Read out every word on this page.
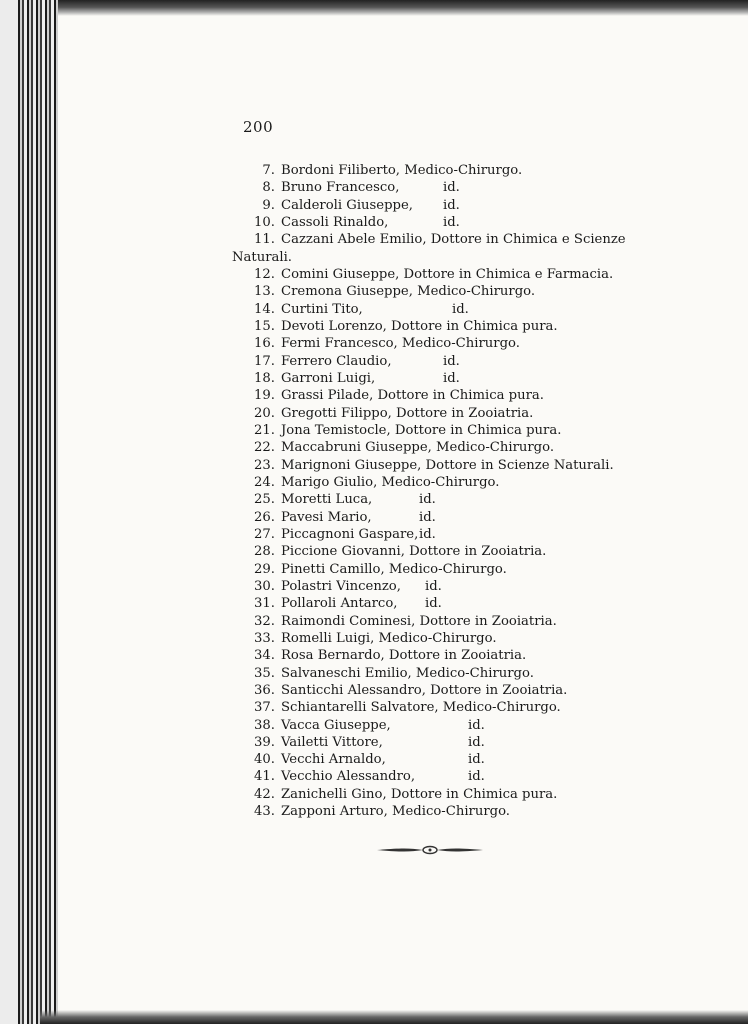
200
7. Bordoni Filiberto, Medico-Chirurgo.
8. Bruno Francesco,	id.
9. Calderoli Giuseppe, id.
10. Cassoli Rinaldo,	id.
11. Cazzani Abele Emilio, Dottore in Chimica e Scienze
Naturali.
12. Comini Giuseppe, Dottore in Chimica e Farmacia.
13. Cremona Giuseppe, Medico-Chirurgo.
14. Curtini Tito,	id.
15. Devoti Lorenzo, Dottore in Chimica pura.
16. Fermi Francesco, Medico-Chirurgo.
17. Ferrero Claudio,	id.
18. Garroni Luigi,	id.
19. Grassi Pilade, Dottore in Chimica pura.
20. Gregotti Filippo, Dottore in Zooiatria.
21. Jona Temistocle, Dottore in Chimica pura.
22. Maccabruni Giuseppe, Medico-Chirurgo.
23. Marignoni Giuseppe, Dottore in Scienze Naturali.
24. Marigo Giulio, Medico-Chirurgo.
25. Moretti Luca,	id.
26. Pavesi Mario,	id.
27. Piccagnoni Gaspare, id.
28. Piccione Giovanni, Dottore in Zooiatria.
29. Pinetti Camillo, Medico-Chirurgo.
30. Polastri Vincenzo, id.
31. Pollaroli Antarco, id.
32. Raimondi Cominesi, Dottore in Zooiatria.
33. Romelli Luigi, Medico-Chirurgo.
34. Rosa Bernardo, Dottore in Zooiatria.
35. Salvaneschi Emilio, Medico-Chirurgo.
36. Santicchi Alessandro, Dottore in Zooiatria.
37. Schiantarelli Salvatore, Medico-Chirurgo.
38. Vacca Giuseppe,	id.
39. Vailetti Vittore,	id.
40. Vecchi Arnaldo,	id.
41. Vecchio Alessandro,	id.
42. Zanichelli Gino, Dottore in Chimica pura.
43. Zapponi Arturo, Medico-Chirurgo.
